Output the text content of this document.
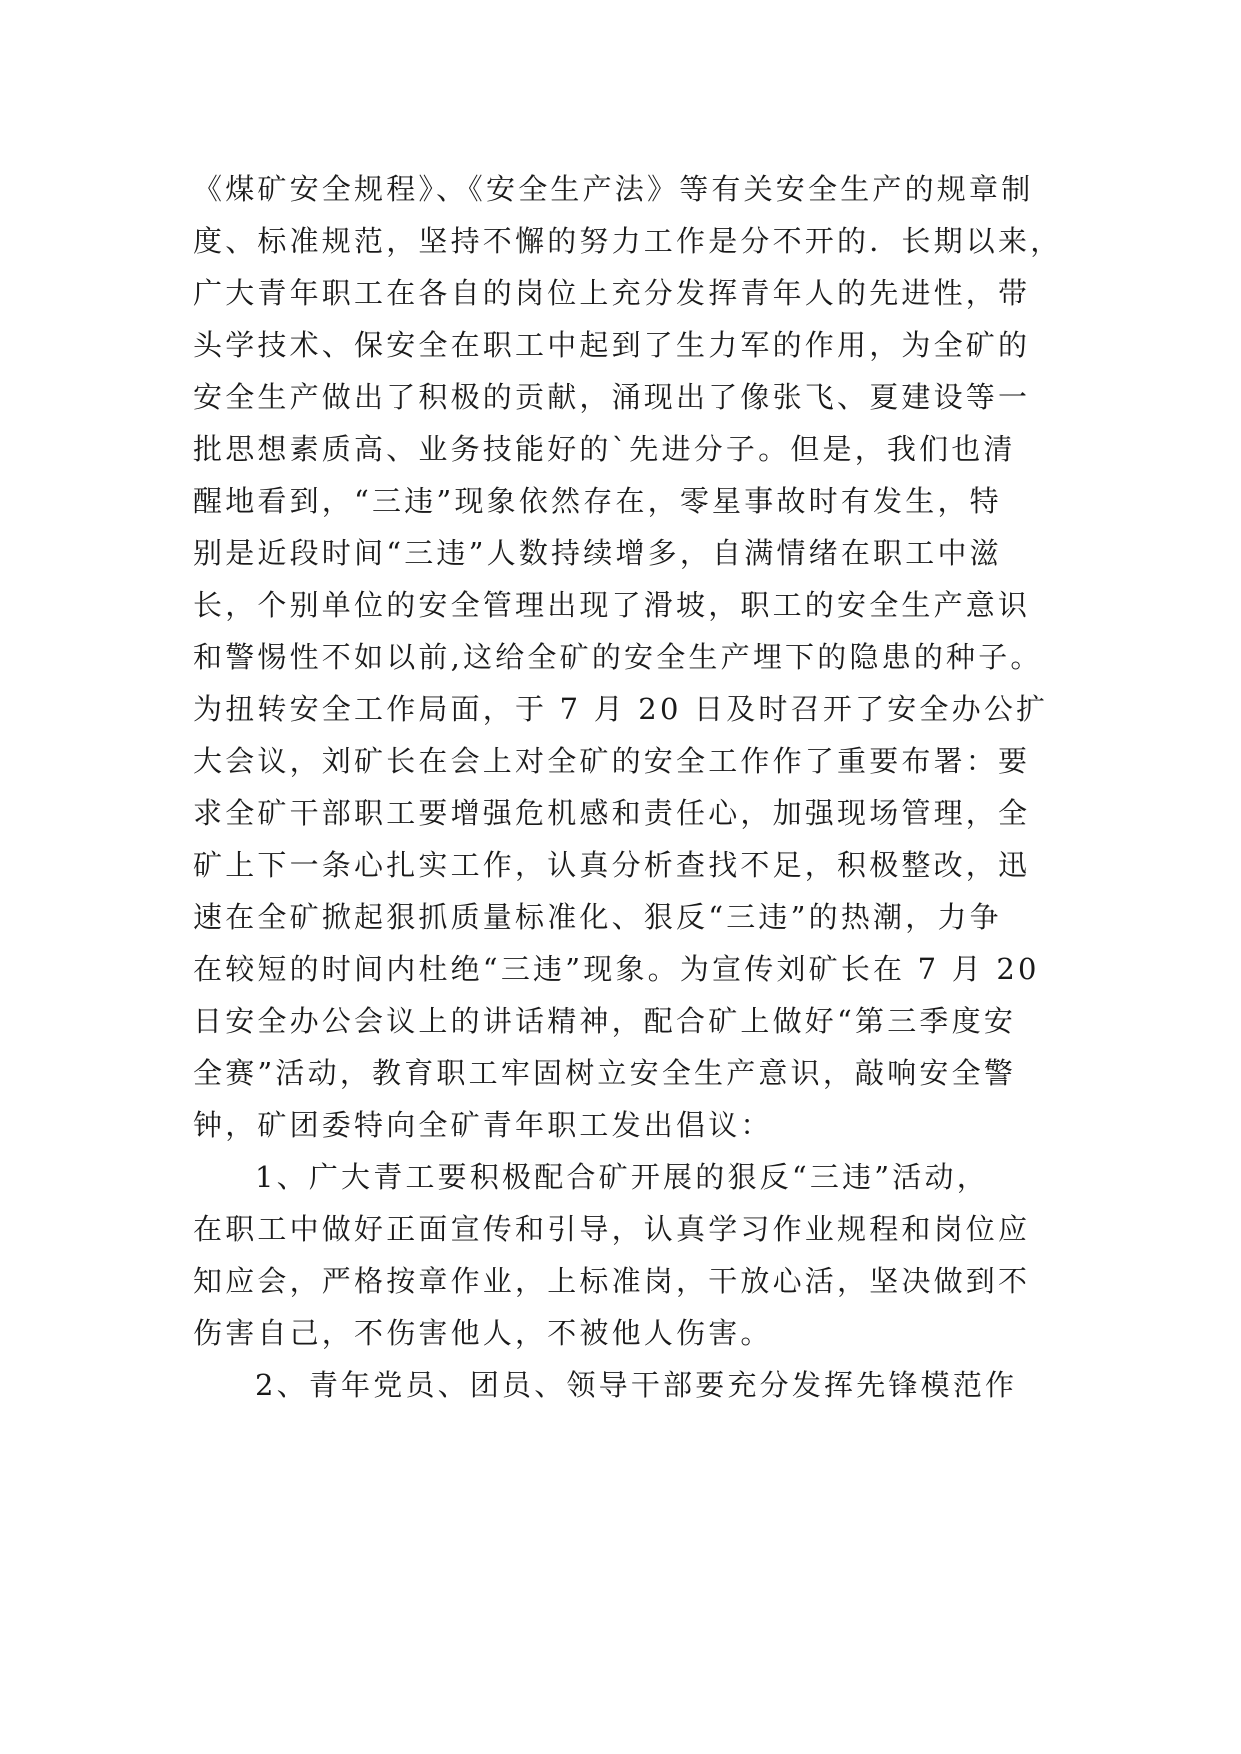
《煤矿安全规程》、《安全生产法》等有关安全生产的规章制
度、标准规范，坚持不懈的努力工作是分不开的．长期以来，
广大青年职工在各自的岗位上充分发挥青年人的先进性，带
头学技术、保安全在职工中起到了生力军的作用，为全矿的
安全生产做出了积极的贡献，涌现出了像张飞、夏建设等一
批思想素质高、业务技能好的`先进分子。但是，我们也清
醒地看到，“三违”现象依然存在，零星事故时有发生，特
别是近段时间“三违”人数持续增多，自满情绪在职工中滋
长，个别单位的安全管理出现了滑坡，职工的安全生产意识
和警惕性不如以前,这给全矿的安全生产埋下的隐患的种子。
为扭转安全工作局面，于 7 月 20 日及时召开了安全办公扩
大会议，刘矿长在会上对全矿的安全工作作了重要布署：要
求全矿干部职工要增强危机感和责任心，加强现场管理，全
矿上下一条心扎实工作，认真分析查找不足，积极整改，迅
速在全矿掀起狠抓质量标准化、狠反“三违”的热潮，力争
在较短的时间内杜绝“三违”现象。为宣传刘矿长在 7 月 20
日安全办公会议上的讲话精神，配合矿上做好“第三季度安
全赛”活动，教育职工牢固树立安全生产意识，敲响安全警
钟，矿团委特向全矿青年职工发出倡议：
1、广大青工要积极配合矿开展的狠反“三违”活动，
在职工中做好正面宣传和引导，认真学习作业规程和岗位应
知应会，严格按章作业，上标准岗，干放心活，坚决做到不
伤害自己，不伤害他人，不被他人伤害。
2、青年党员、团员、领导干部要充分发挥先锋模范作
